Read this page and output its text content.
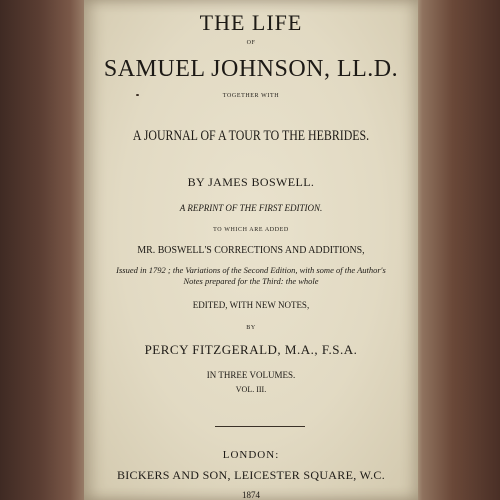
THE LIFE
OF
SAMUEL JOHNSON, LL.D.
TOGETHER WITH
A JOURNAL OF A TOUR TO THE HEBRIDES.
BY JAMES BOSWELL.
A REPRINT OF THE FIRST EDITION.
TO WHICH ARE ADDED
MR. BOSWELL'S CORRECTIONS AND ADDITIONS,
Issued in 1792 ; the Variations of the Second Edition, with some of the Author's
Notes prepared for the Third: the whole
EDITED, WITH NEW NOTES,
BY
PERCY FITZGERALD, M.A., F.S.A.
IN THREE VOLUMES.
VOL. III.
LONDON:
BICKERS AND SON, LEICESTER SQUARE, W.C.
1874
